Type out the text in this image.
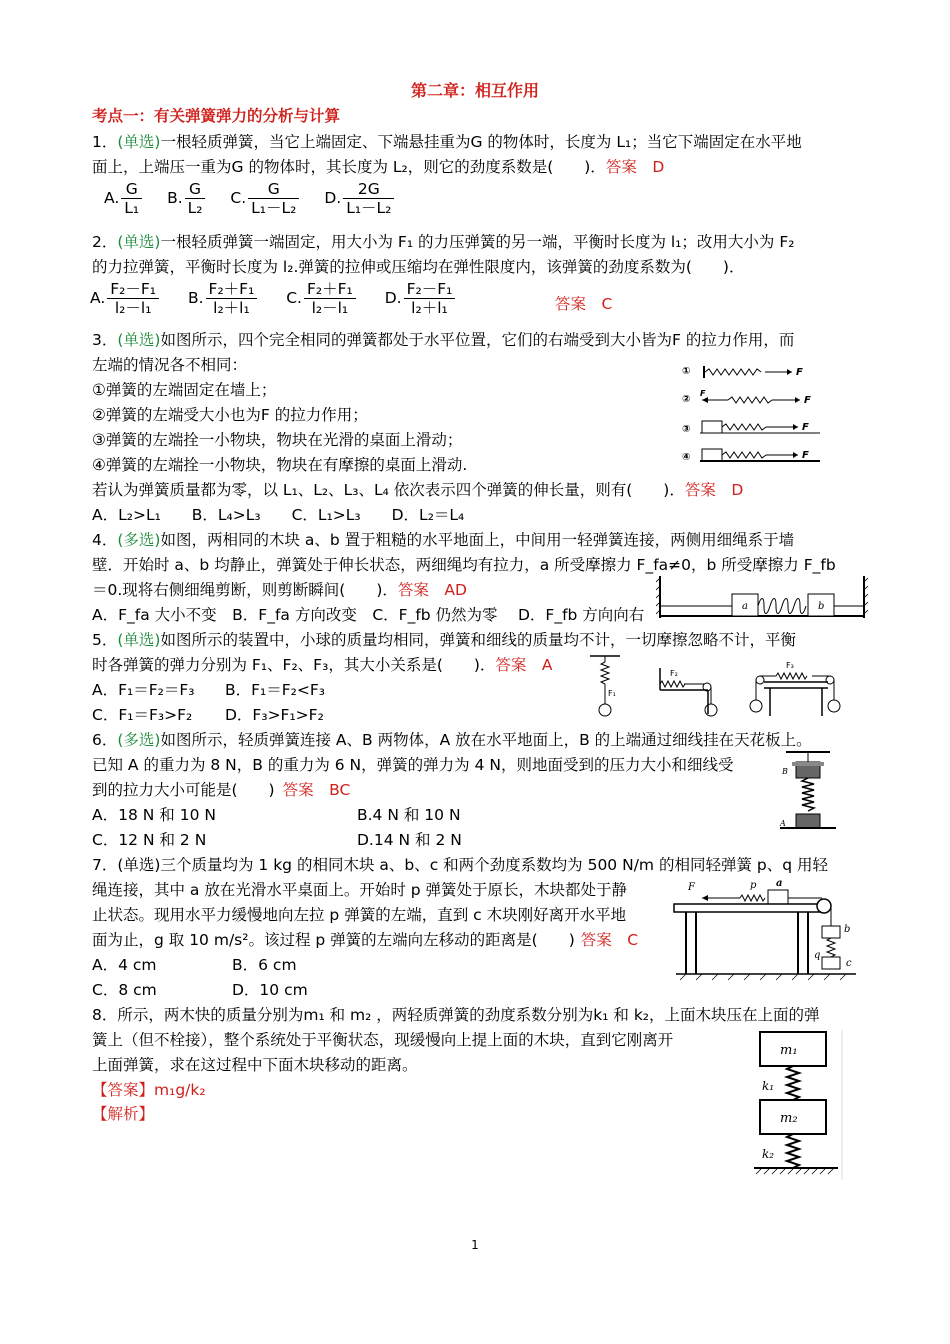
第二章：相互作用
考点一：有关弹簧弹力的分析与计算
1．(单选)一根轻质弹簧，当它上端固定、下端悬挂重为G 的物体时，长度为 L₁；当它下端固定在水平地
面上，上端压一重为G 的物体时，其长度为 L₂，则它的劲度系数是(　　)．答案　D
A. $\frac{G}{\text{L₁}} B$. $\frac{G}{\text{L₂}} C$. $\frac{G}{\text{L₁－L₂}} D$. $\frac{2G}{\text{L₁－L₂}}$
2．(单选)一根轻质弹簧一端固定，用大小为 F₁ 的力压弹簧的另一端，平衡时长度为 l₁；改用大小为 F₂
的力拉弹簧，平衡时长度为 l₂.弹簧的拉伸或压缩均在弹性限度内，该弹簧的劲度系数为(　　)．
A. $\frac{\text{F₂－F₁}}{\text{l₂－l₁}} B$. $\frac{\text{F₂＋F₁}}{\text{l₂＋l₁}} C$. $\frac{\text{F₂＋F₁}}{\text{l₂－l₁}} D$. $\frac{\text{F₂－F₁}}{\text{l₂＋l₁}}$	答案　C
3．(单选)如图所示，四个完全相同的弹簧都处于水平位置，它们的右端受到大小皆为F 的拉力作用，而
左端的情况各不相同：
①弹簧的左端固定在墙上；
②弹簧的左端受大小也为F 的拉力作用；
③弹簧的左端拴一小物块，物块在光滑的桌面上滑动；
④弹簧的左端拴一小物块，物块在有摩擦的桌面上滑动.
若认为弹簧质量都为零，以 L₁、L₂、L₃、L₄ 依次表示四个弹簧的伸长量，则有(　　)．答案　D
A．L₂>L₁　　B．L₄>L₃　　C．L₁>L₃　　D．L₂＝L₄
①	F
②
F
F
③	F
④	F
4．(多选)如图，两相同的木块 a、b 置于粗糙的水平地面上，中间用一轻弹簧连接，两侧用细绳系于墙
壁．开始时 a、b 均静止，弹簧处于伸长状态，两细绳均有拉力，a 所受摩擦力 F_fa≠0，b 所受摩擦力 F_fb
＝0.现将右侧细绳剪断，则剪断瞬间(　　)．答案　AD
A．F_fa 大小不变　B．F_fa 方向改变　C．F_fb 仍然为零　 D．F_fb 方向向右	a	b
5．(单选)如图所示的装置中，小球的质量均相同，弹簧和细线的质量均不计，一切摩擦忽略不计，平衡
时各弹簧的弹力分别为 F₁、F₂、F₃，其大小关系是(　　)．答案　A
A．F₁＝F₂＝F₃ B．F₁＝F₂<F₃
C．F₁＝F₃>F₂ D．F₃>F₁>F₂
F₁
F₂
F₃
6．(多选)如图所示，轻质弹簧连接 A、B 两物体，A 放在水平地面上，B 的上端通过细线挂在天花板上。
已知 A 的重力为 8 N，B 的重力为 6 N，弹簧的弹力为 4 N，则地面受到的压力大小和细线受
到的拉力大小可能是(　　) 答案　BC
A．18 N 和 10 N	B.4 N 和 10 N
C．12 N 和 2 N	D.14 N 和 2 N
B
A
7．(单选)三个质量均为 1 kg 的相同木块 a、b、c 和两个劲度系数均为 500 N/m 的相同轻弹簧 p、q 用轻
绳连接，其中 a 放在光滑水平桌面上。开始时 p 弹簧处于原长，木块都处于静
止状态。现用水平力缓慢地向左拉 p 弹簧的左端，直到 c 木块刚好离开水平地
面为止，g 取 10 m/s²。该过程 p 弹簧的左端向左移动的距离是(　　) 答案　C
A．4 cm	B．6 cm
C．8 cm	D．10 cm
F	p a
b
q
c
8．所示，两木快的质量分别为m₁ 和 m₂ ，两轻质弹簧的劲度系数分别为k₁ 和 k₂，上面木块压在上面的弹
簧上（但不栓接），整个系统处于平衡状态，现缓慢向上提上面的木块，直到它刚离开
上面弹簧，求在这过程中下面木块移动的距离。
【答案】m₁g/k₂
【解析】
m₁
k₁
m₂
k₂
1
